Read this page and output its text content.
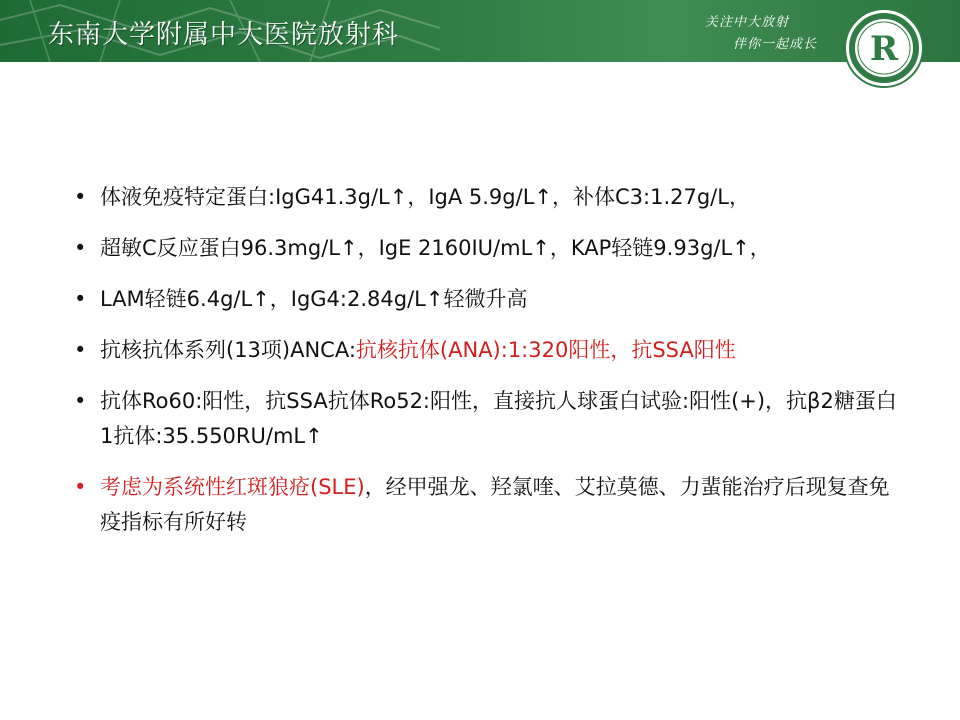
东南大学附属中大医院放射科	关注中大放射
伴你一起成长 R
• 体液免疫特定蛋白:IgG41.3g/L↑，IgA 5.9g/L↑，补体C3:1.27g/L，
• 超敏C反应蛋白96.3mg/L↑，IgE 2160IU/mL↑，KAP轻链9.93g/L↑，
• LAM轻链6.4g/L↑，IgG4:2.84g/L↑轻微升高
• 抗核抗体系列(13项)ANCA:抗核抗体(ANA):1:320阳性，抗SSA阳性
• 抗体Ro60:阳性，抗SSA抗体Ro52:阳性，直接抗人球蛋白试验:阳性(+)，抗β2糖蛋白1抗体:35.550RU/mL↑
• 考虑为系统性红斑狼疮(SLE)，经甲强龙、羟氯喹、艾拉莫德、力蜚能治疗后现复查免疫指标有所好转
